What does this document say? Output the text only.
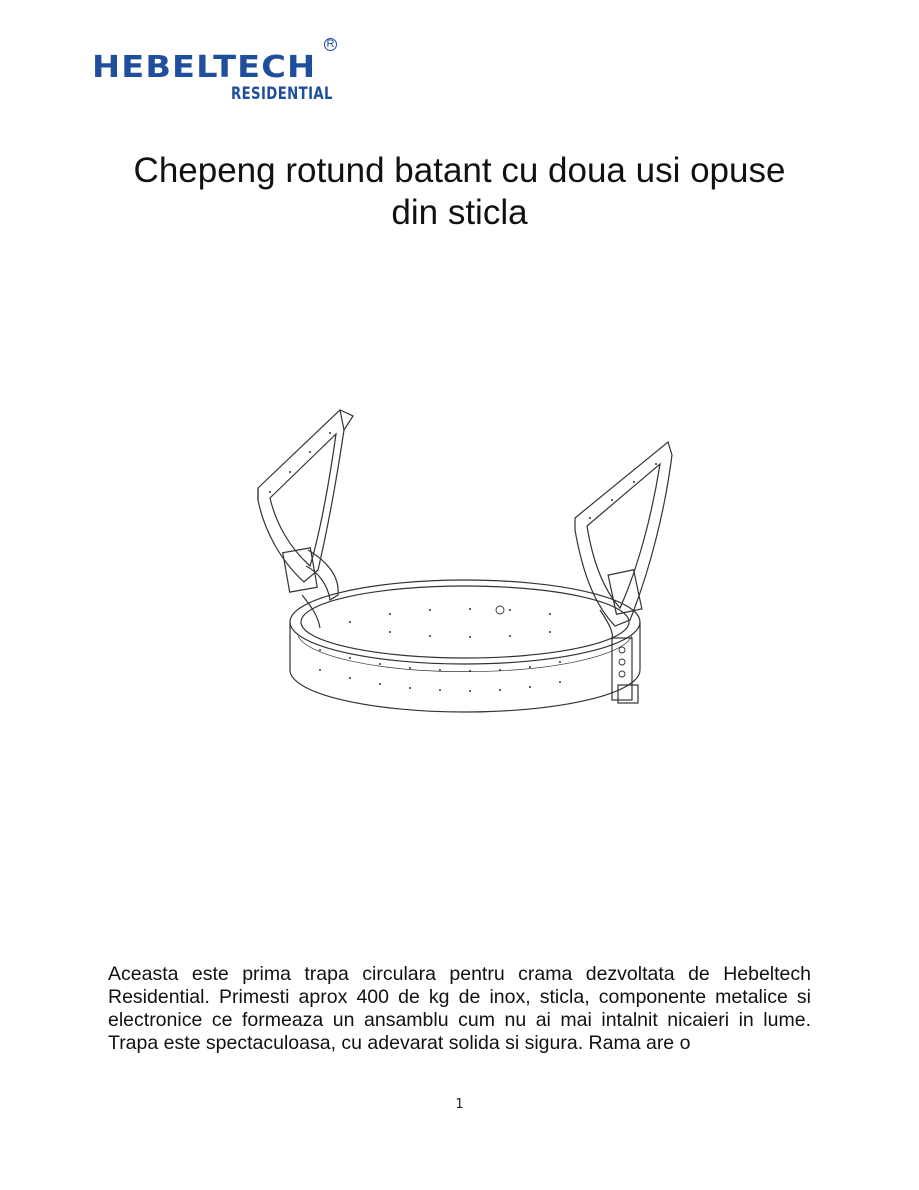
HEBELTECH
R
RESIDENTIAL
Chepeng rotund batant cu doua usi opuse
din sticla
Aceasta este prima trapa circulara pentru crama dezvoltata de Hebeltech Residential. Primesti aprox 400 de kg de inox, sticla, componente metalice si electronice ce formeaza un ansamblu cum nu ai mai intalnit nicaieri in lume. Trapa este spectaculoasa, cu adevarat solida si sigura. Rama are o
1
